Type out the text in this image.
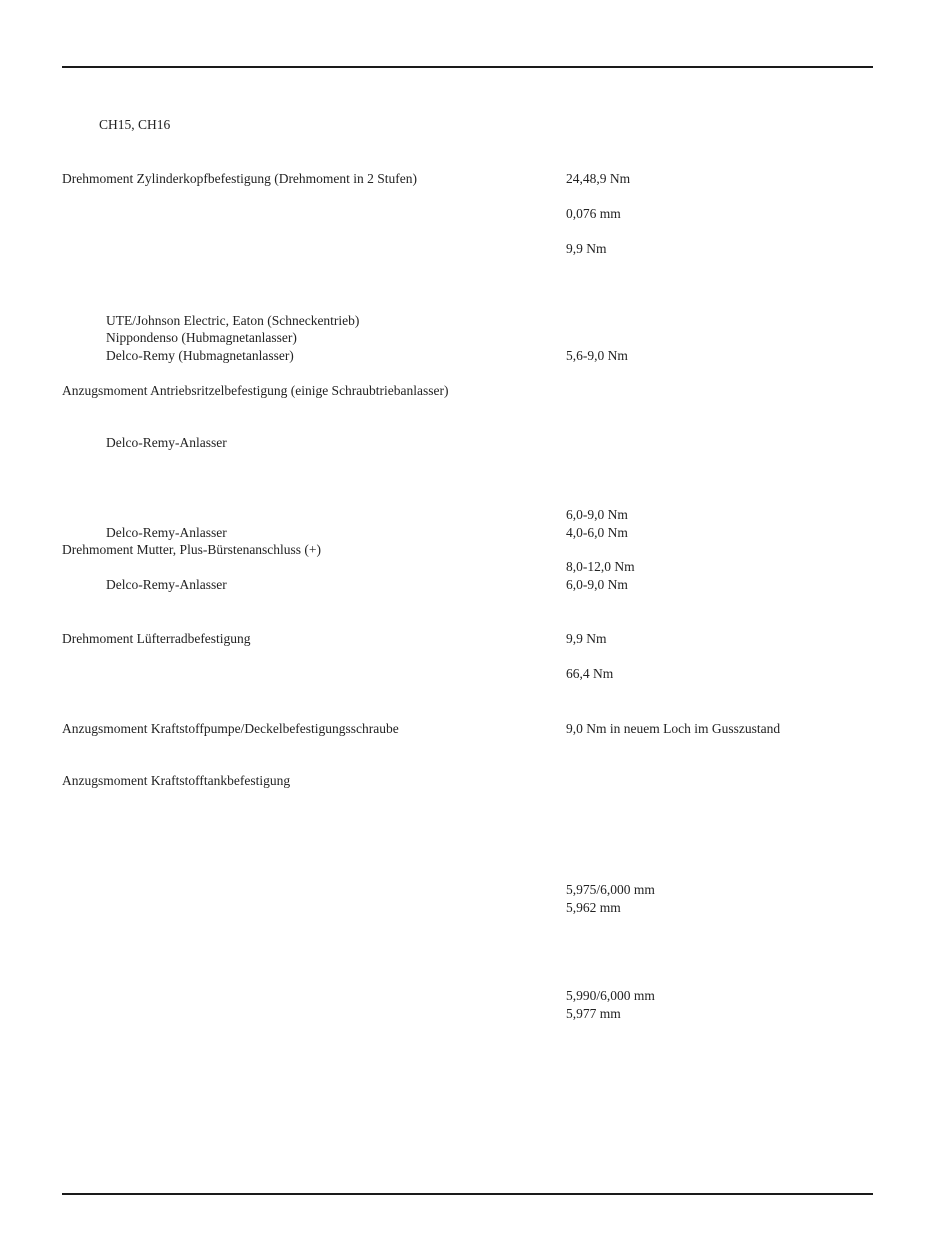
CH15, CH16
Drehmoment Zylinderkopfbefestigung (Drehmoment in 2 Stufen)	24,48,9 Nm
0,076 mm
9,9 Nm
UTE/Johnson Electric, Eaton (Schneckentrieb)
Nippondenso (Hubmagnetanlasser)
Delco-Remy (Hubmagnetanlasser)	5,6-9,0 Nm
Anzugsmoment Antriebsritzelbefestigung (einige Schraubtriebanlasser)
Delco-Remy-Anlasser
6,0-9,0 Nm
Delco-Remy-Anlasser	4,0-6,0 Nm
Drehmoment Mutter, Plus-Bürstenanschluss (+)
8,0-12,0 Nm
Delco-Remy-Anlasser	6,0-9,0 Nm
Drehmoment Lüfterradbefestigung	9,9 Nm
66,4 Nm
Anzugsmoment Kraftstoffpumpe/Deckelbefestigungsschraube	9,0 Nm in neuem Loch im Gusszustand
Anzugsmoment Kraftstofftankbefestigung
5,975/6,000 mm
5,962 mm
5,990/6,000 mm
5,977 mm
